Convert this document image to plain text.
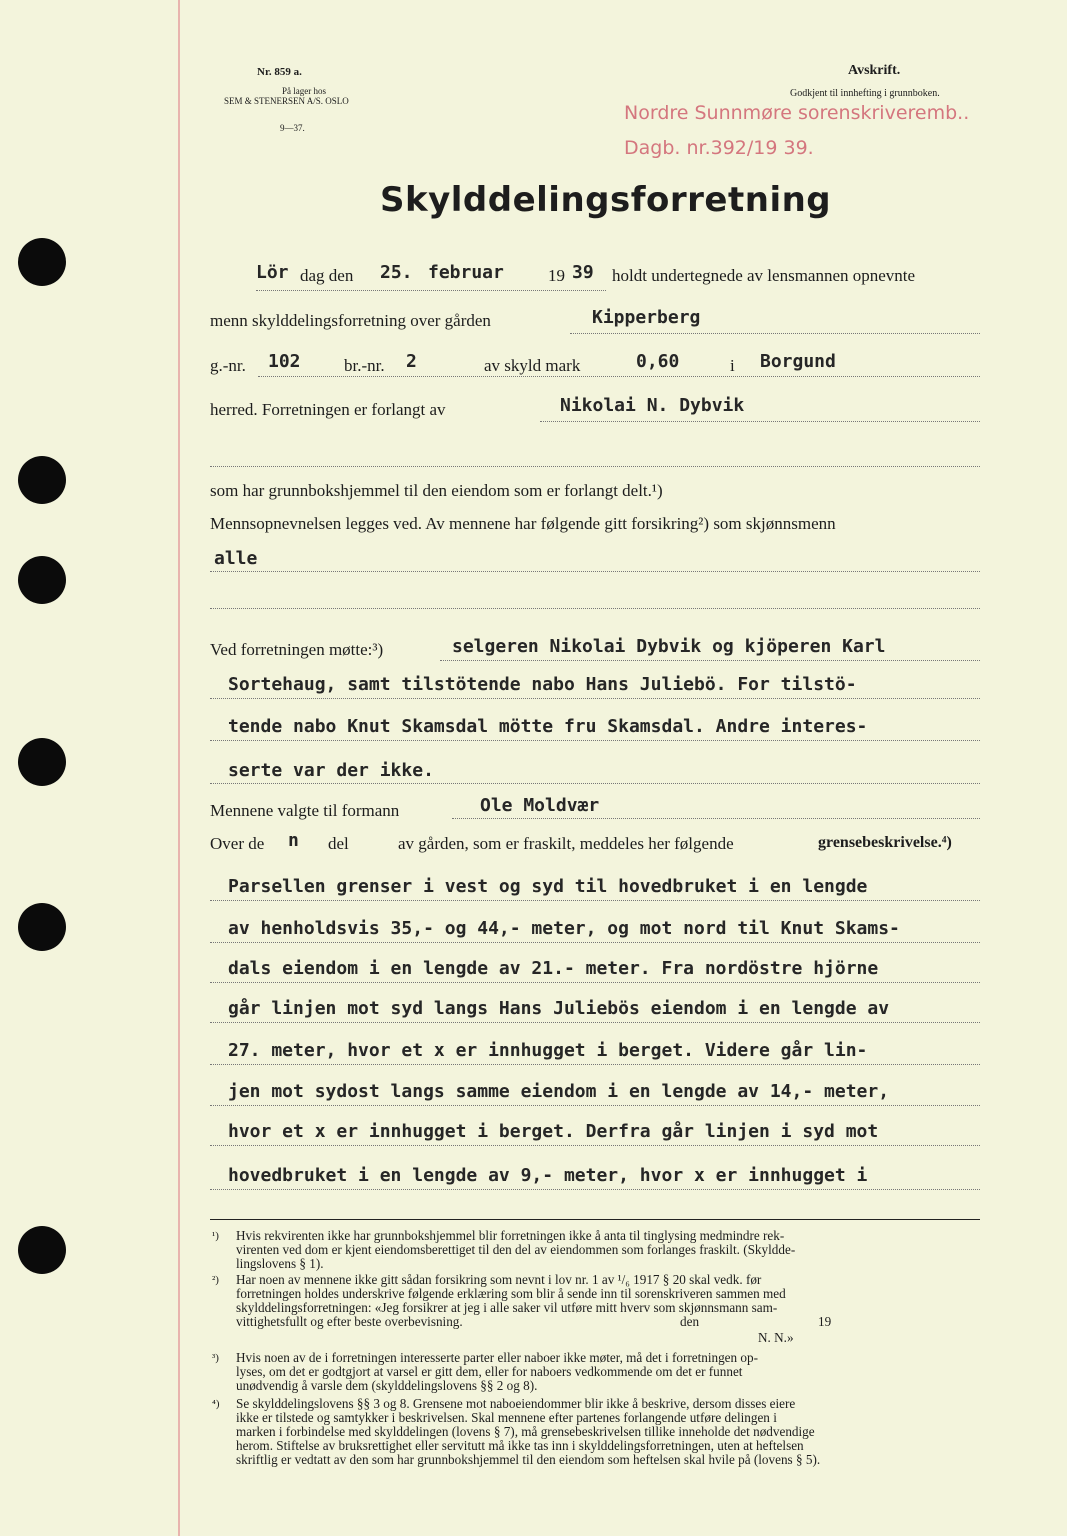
Nr. 859 a.
På lager hos
SEM & STENERSEN A/S. OSLO
9—37.
Avskrift.
Godkjent til innhefting i grunnboken.
Nordre Sunnmøre sorenskriveremb..
Dagb. nr.392/19 39.
Skylddelingsforretning
Lör dag den 25. februar	19 39 holdt undertegnede av lensmannen opnevnte
menn skylddelingsforretning over gården	Kipperberg
g.-nr. 102	br.-nr. 2	av skyld mark	0,60	i Borgund
herred. Forretningen er forlangt av	Nikolai N. Dybvik
som har grunnbokshjemmel til den eiendom som er forlangt delt.¹)
Mennsopnevnelsen legges ved. Av mennene har følgende gitt forsikring²) som skjønnsmenn
alle
Ved forretningen møtte:³)	selgeren Nikolai Dybvik og kjöperen Karl
Sortehaug, samt tilstötende nabo Hans Juliebö. For tilstö-
tende nabo Knut Skamsdal mötte fru Skamsdal. Andre interes-
serte var der ikke.
Mennene valgte til formann	Ole Moldvær
Over de n del	av gården, som er fraskilt, meddeles her følgende	grensebeskrivelse.⁴)
Parsellen grenser i vest og syd til hovedbruket i en lengde
av henholdsvis 35,- og 44,- meter, og mot nord til Knut Skams-
dals eiendom i en lengde av 21.- meter. Fra nordöstre hjörne
går linjen mot syd langs Hans Juliebös eiendom i en lengde av
27. meter, hvor et x er innhugget i berget. Videre går lin-
jen mot sydost langs samme eiendom i en lengde av 14,- meter,
hvor et x er innhugget i berget. Derfra går linjen i syd mot
hovedbruket i en lengde av 9,- meter, hvor x er innhugget i
¹) Hvis rekvirenten ikke har grunnbokshjemmel blir forretningen ikke å anta til tinglysing medmindre rek-
virenten ved dom er kjent eiendomsberettiget til den del av eiendommen som forlanges fraskilt. (Skyldde-
lingslovens § 1).
²) Har noen av mennene ikke gitt sådan forsikring som nevnt i lov nr. 1 av ¹/₆ 1917 § 20 skal vedk. før
forretningen holdes underskrive følgende erklæring som blir å sende inn til sorenskriveren sammen med
skylddelingsforretningen: «Jeg forsikrer at jeg i alle saker vil utføre mitt hverv som skjønnsmann sam-
vittighetsfullt og efter beste overbevisning.	den	19
N. N.»
³) Hvis noen av de i forretningen interesserte parter eller naboer ikke møter, må det i forretningen op-
lyses, om det er godtgjort at varsel er gitt dem, eller for naboers vedkommende om det er funnet
unødvendig å varsle dem (skylddelingslovens §§ 2 og 8).
⁴) Se skylddelingslovens §§ 3 og 8. Grensene mot naboeiendommer blir ikke å beskrive, dersom disses eiere
ikke er tilstede og samtykker i beskrivelsen. Skal mennene efter partenes forlangende utføre delingen i
marken i forbindelse med skylddelingen (lovens § 7), må grensebeskrivelsen tillike inneholde det nødvendige
herom. Stiftelse av bruksrettighet eller servitutt må ikke tas inn i skylddelingsforretningen, uten at heftelsen
skriftlig er vedtatt av den som har grunnbokshjemmel til den eiendom som heftelsen skal hvile på (lovens § 5).
